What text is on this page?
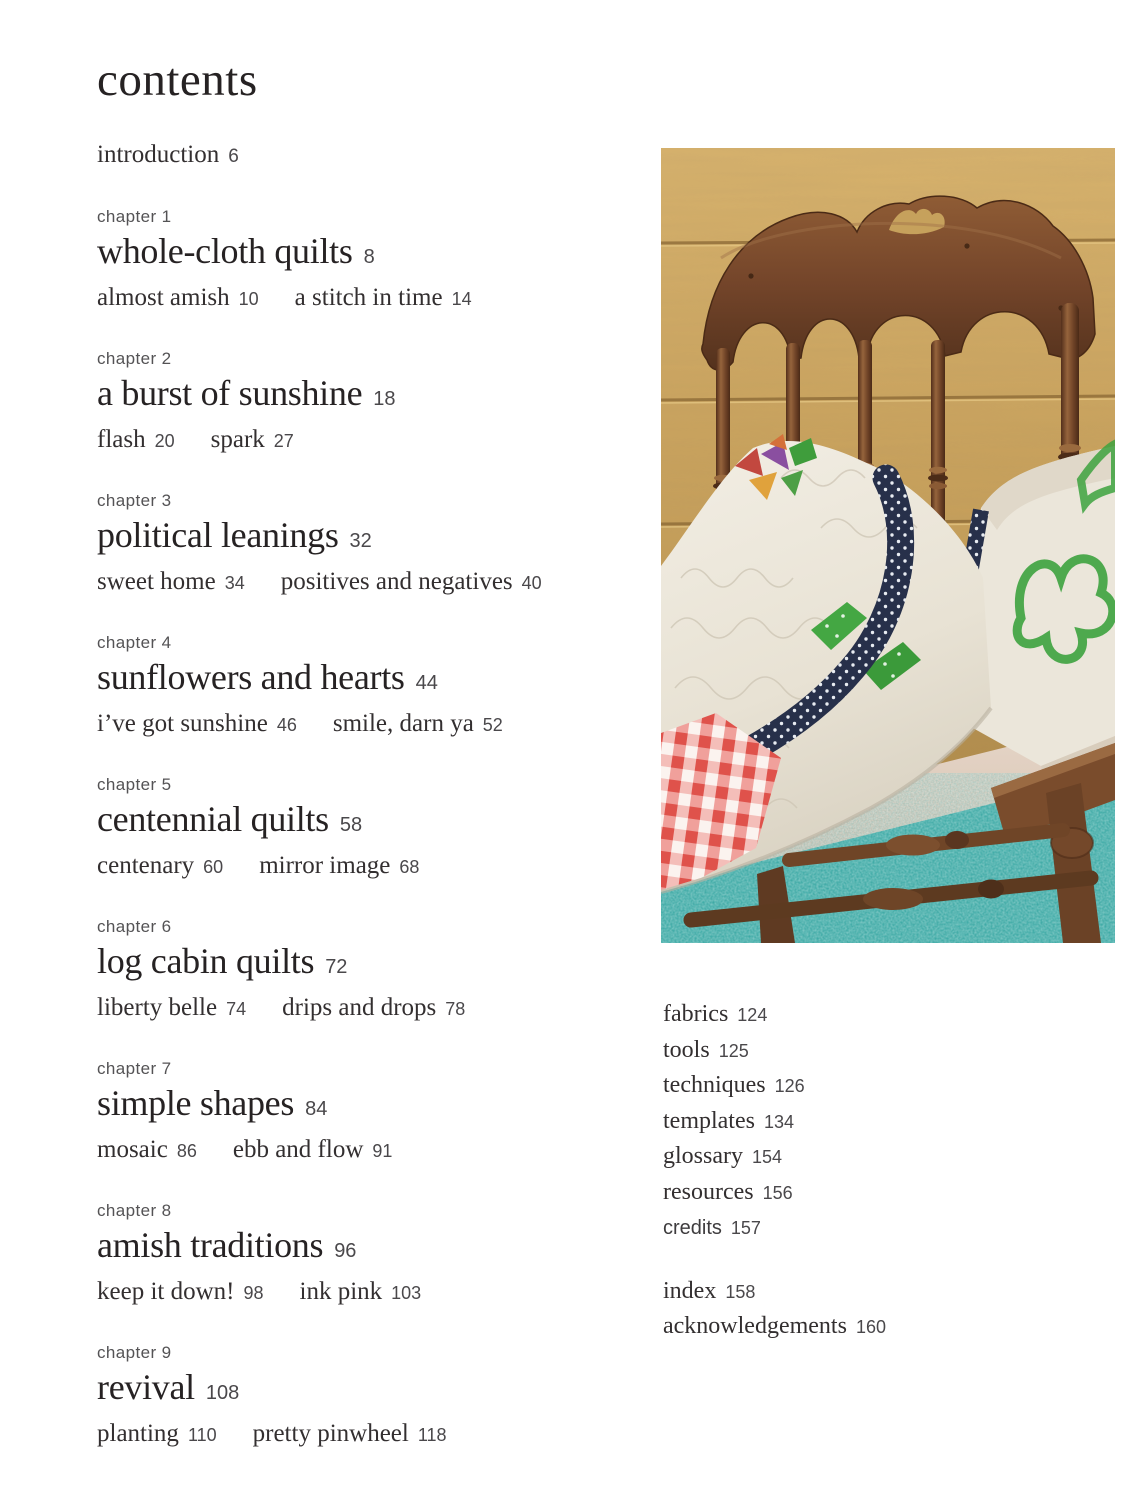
contents
introduction 6
chapter 1
whole-cloth quilts 8
almost amish 10 a stitch in time 14
chapter 2
a burst of sunshine 18
flash 20 spark 27
chapter 3
political leanings 32
sweet home 34 positives and negatives 40
chapter 4
sunflowers and hearts 44
i’ve got sunshine 46 smile, darn ya 52
chapter 5
centennial quilts 58
centenary 60 mirror image 68
chapter 6
log cabin quilts 72
liberty belle 74 drips and drops 78
chapter 7
simple shapes 84
mosaic 86 ebb and flow 91
chapter 8
amish traditions 96
keep it down! 98 ink pink 103
chapter 9
revival 108
planting 110 pretty pinwheel 118
fabrics 124
tools 125
techniques 126
templates 134
glossary 154
resources 156
credits 157
index 158
acknowledgements 160
